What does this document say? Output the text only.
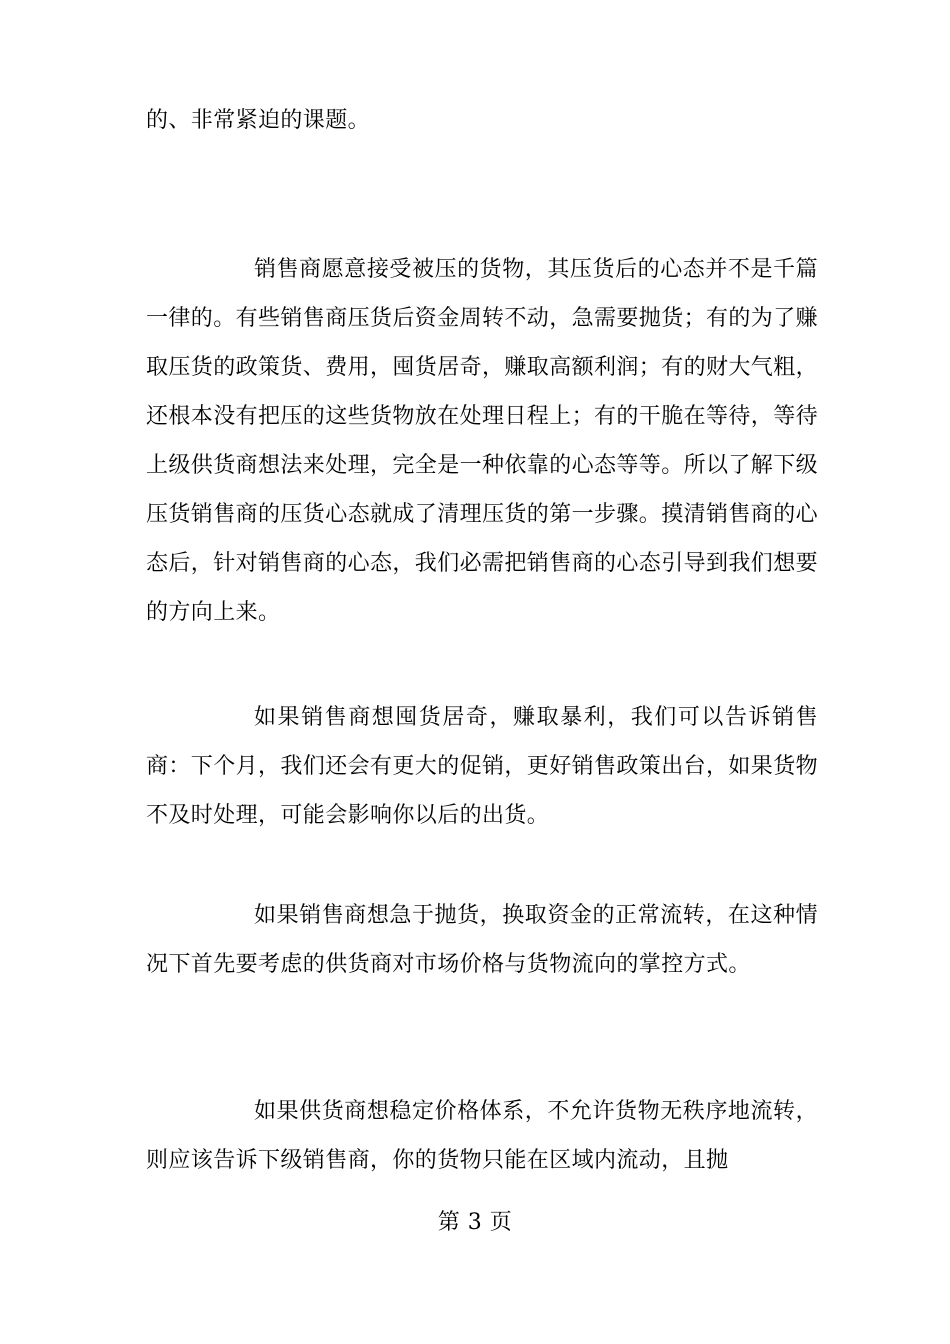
的、非常紧迫的课题。

销售商愿意接受被压的货物，其压货后的心态并不是千篇一律的。有些销售商压货后资金周转不动，急需要抛货；有的为了赚取压货的政策货、费用，囤货居奇，赚取高额利润；有的财大气粗，还根本没有把压的这些货物放在处理日程上；有的干脆在等待，等待上级供货商想法来处理，完全是一种依靠的心态等等。所以了解下级压货销售商的压货心态就成了清理压货的第一步骤。摸清销售商的心态后，针对销售商的心态，我们必需把销售商的心态引导到我们想要的方向上来。

如果销售商想囤货居奇，赚取暴利，我们可以告诉销售商：下个月，我们还会有更大的促销，更好销售政策出台，如果货物不及时处理，可能会影响你以后的出货。

如果销售商想急于抛货，换取资金的正常流转，在这种情况下首先要考虑的供货商对市场价格与货物流向的掌控方式。

如果供货商想稳定价格体系，不允许货物无秩序地流转，则应该告诉下级销售商，你的货物只能在区域内流动，且抛

第 3 页
